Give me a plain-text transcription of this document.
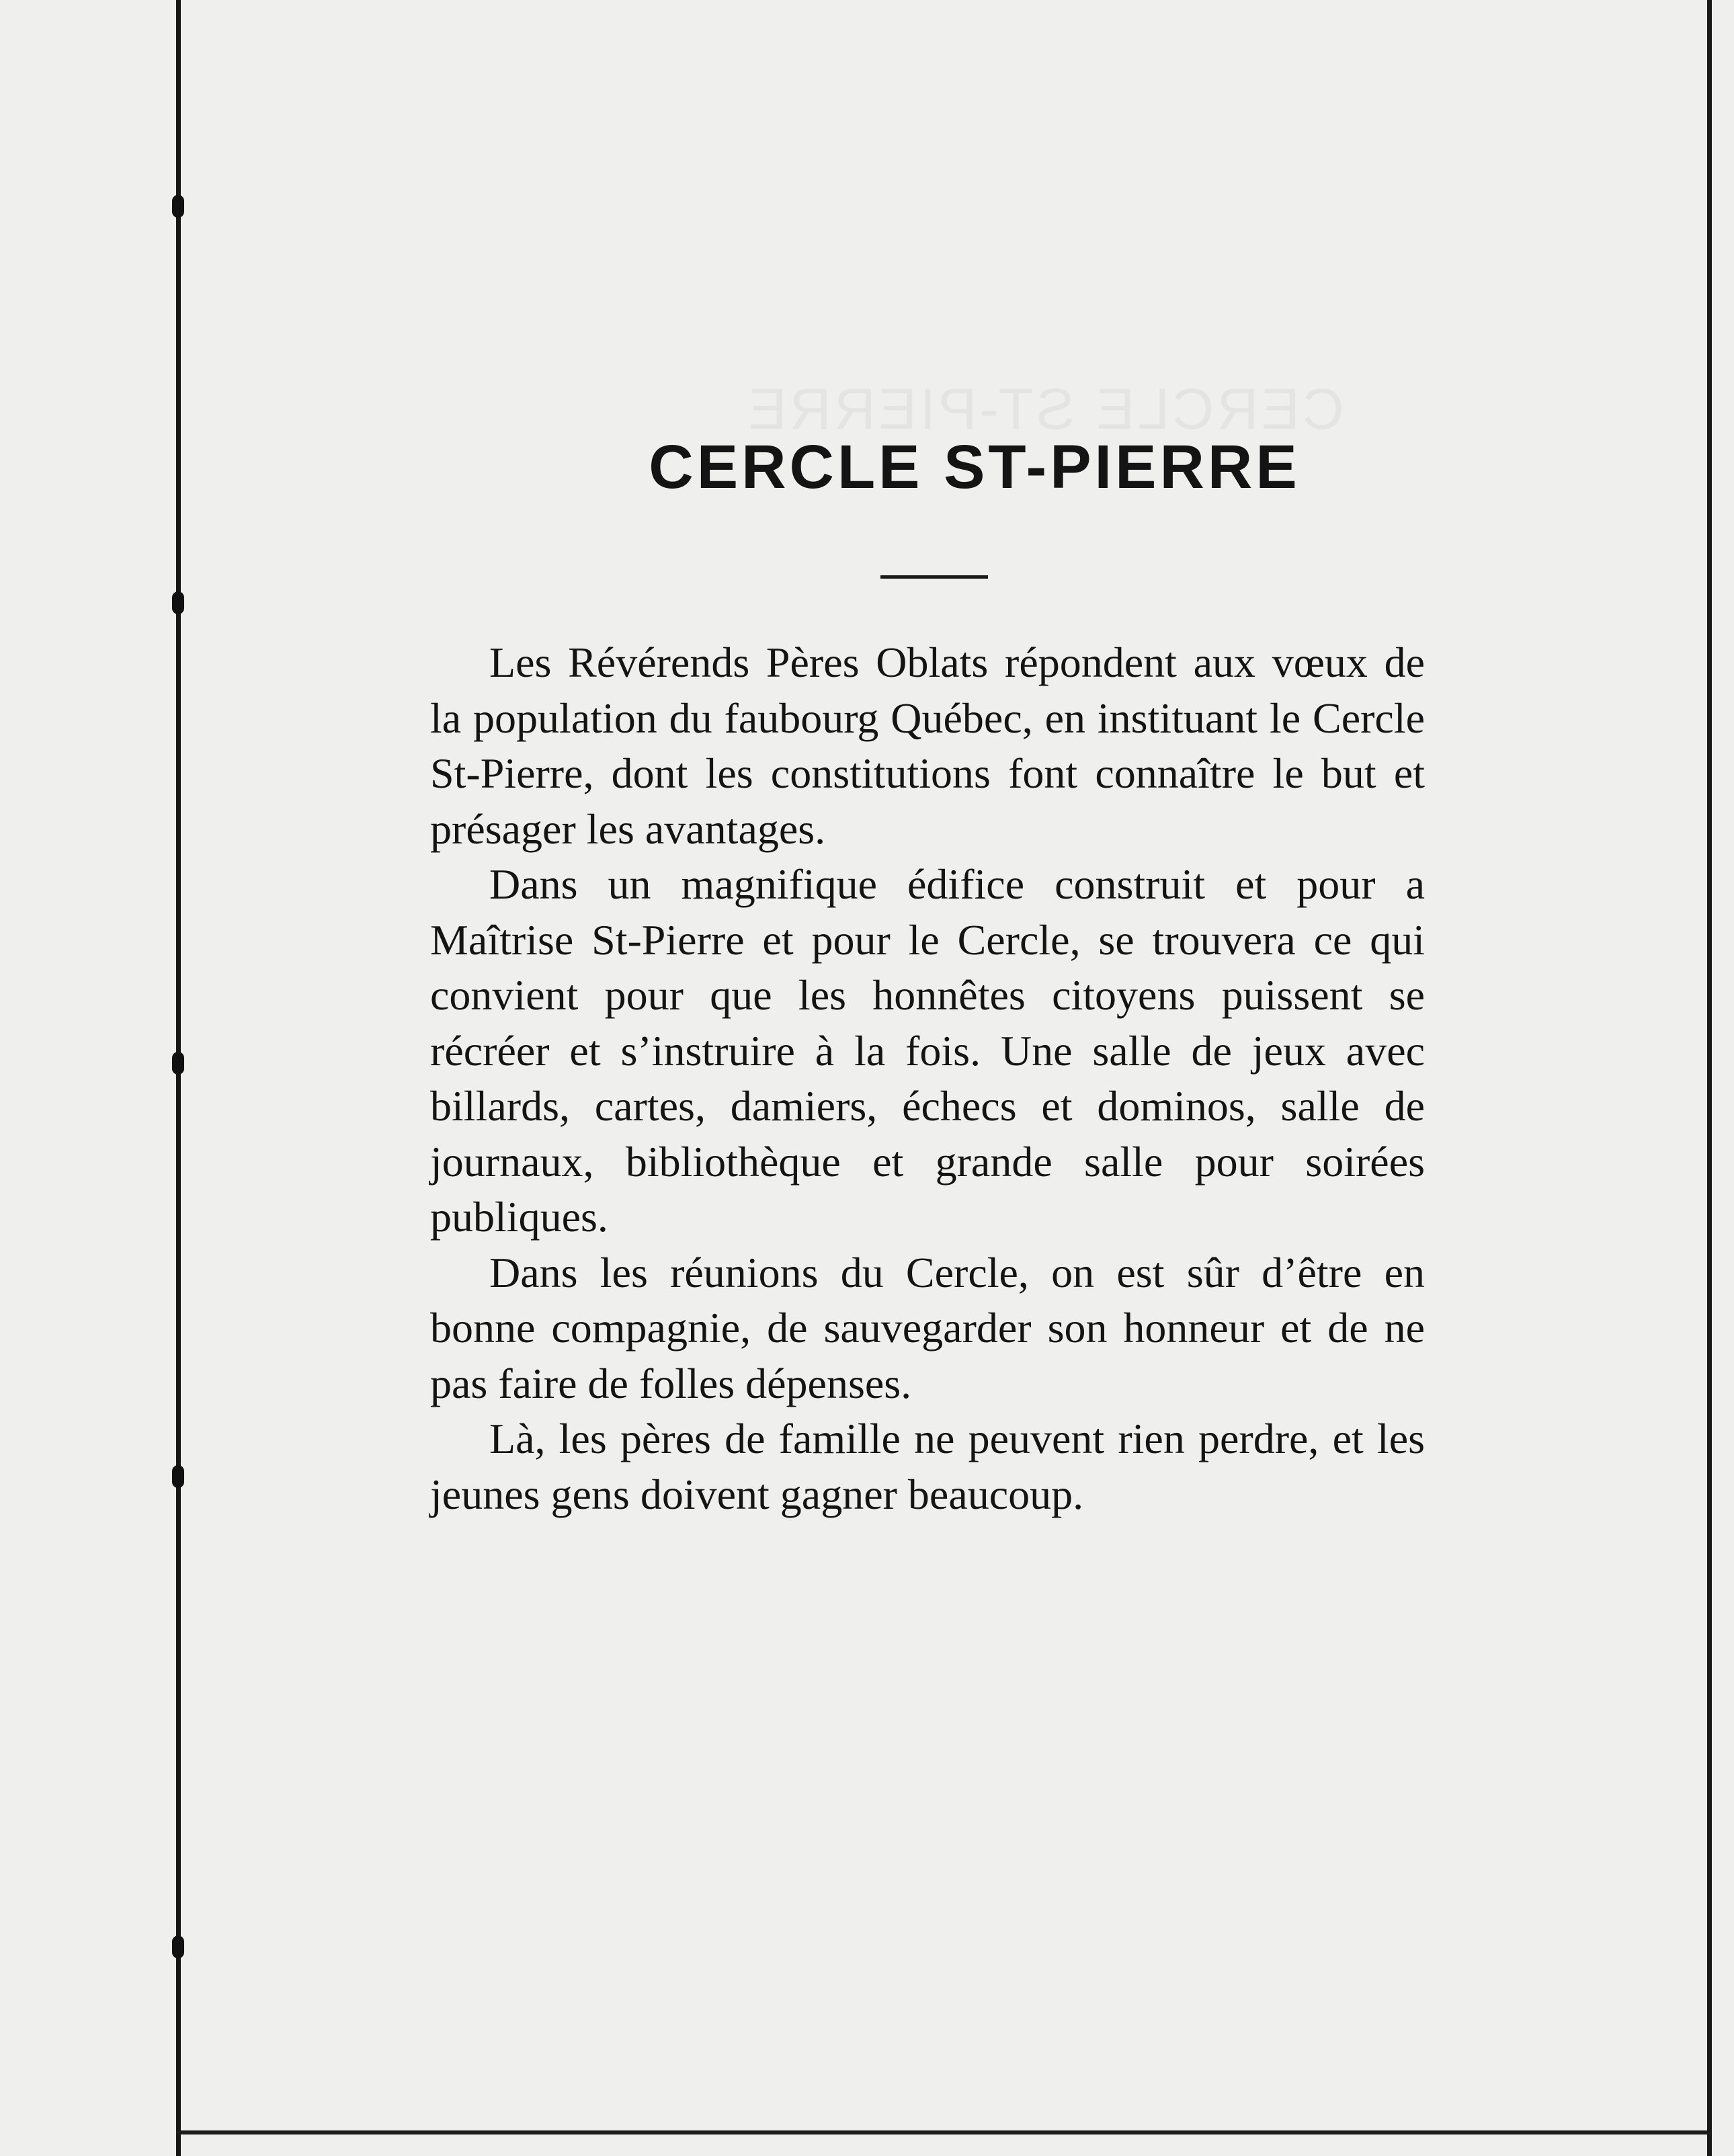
CERCLE ST-PIERRE

Les Révérends Pères Oblats répondent aux vœux de la population du faubourg Québec, en instituant le Cercle St-Pierre, dont les constitutions font connaître le but et présager les avantages.

Dans un magnifique édifice construit et pour a Maîtrise St-Pierre et pour le Cercle, se trouvera ce qui convient pour que les honnêtes citoyens puissent se récréer et s’instruire à la fois. Une salle de jeux avec billards, cartes, damiers, échecs et dominos, salle de journaux, bibliothèque et grande salle pour soirées publiques.

Dans les réunions du Cercle, on est sûr d’être en bonne compagnie, de sauvegarder son honneur et de ne pas faire de folles dépenses.

Là, les pères de famille ne peuvent rien perdre, et les jeunes gens doivent gagner beaucoup.
